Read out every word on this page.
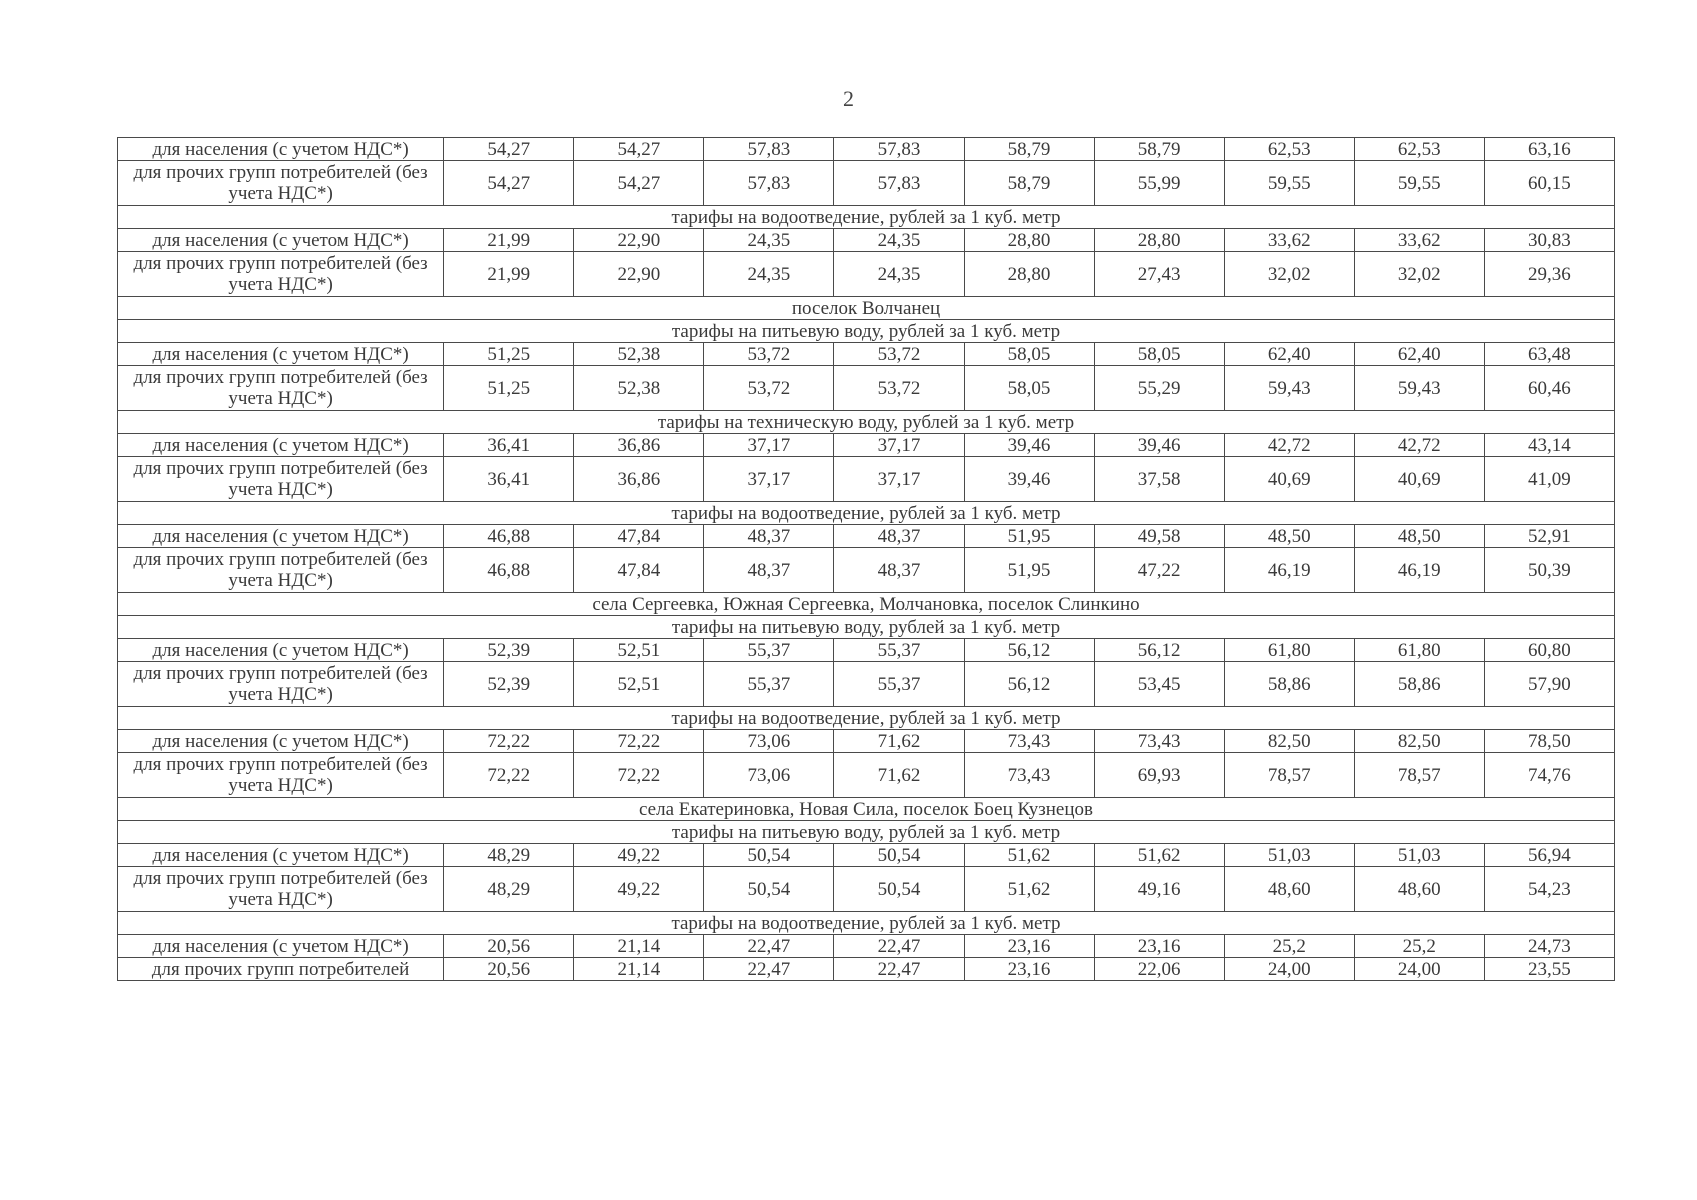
2
для населения (с учетом НДС*)	54,27	54,27	57,83	57,83	58,79	58,79	62,53	62,53	63,16
для прочих групп потребителей (без учета НДС*)	54,27	54,27	57,83	57,83	58,79	55,99	59,55	59,55	60,15
тарифы на водоотведение, рублей за 1 куб. метр									
для населения (с учетом НДС*)	21,99	22,90	24,35	24,35	28,80	28,80	33,62	33,62	30,83
для прочих групп потребителей (без учета НДС*)	21,99	22,90	24,35	24,35	28,80	27,43	32,02	32,02	29,36
поселок Волчанец									
тарифы на питьевую воду, рублей за 1 куб. метр									
для населения (с учетом НДС*)	51,25	52,38	53,72	53,72	58,05	58,05	62,40	62,40	63,48
для прочих групп потребителей (без учета НДС*)	51,25	52,38	53,72	53,72	58,05	55,29	59,43	59,43	60,46
тарифы на техническую воду, рублей за 1 куб. метр									
для населения (с учетом НДС*)	36,41	36,86	37,17	37,17	39,46	39,46	42,72	42,72	43,14
для прочих групп потребителей (без учета НДС*)	36,41	36,86	37,17	37,17	39,46	37,58	40,69	40,69	41,09
тарифы на водоотведение, рублей за 1 куб. метр									
для населения (с учетом НДС*)	46,88	47,84	48,37	48,37	51,95	49,58	48,50	48,50	52,91
для прочих групп потребителей (без учета НДС*)	46,88	47,84	48,37	48,37	51,95	47,22	46,19	46,19	50,39
села Сергеевка, Южная Сергеевка, Молчановка, поселок Слинкино									
тарифы на питьевую воду, рублей за 1 куб. метр									
для населения (с учетом НДС*)	52,39	52,51	55,37	55,37	56,12	56,12	61,80	61,80	60,80
для прочих групп потребителей (без учета НДС*)	52,39	52,51	55,37	55,37	56,12	53,45	58,86	58,86	57,90
тарифы на водоотведение, рублей за 1 куб. метр									
для населения (с учетом НДС*)	72,22	72,22	73,06	71,62	73,43	73,43	82,50	82,50	78,50
для прочих групп потребителей (без учета НДС*)	72,22	72,22	73,06	71,62	73,43	69,93	78,57	78,57	74,76
села Екатериновка, Новая Сила, поселок Боец Кузнецов									
тарифы на питьевую воду, рублей за 1 куб. метр									
для населения (с учетом НДС*)	48,29	49,22	50,54	50,54	51,62	51,62	51,03	51,03	56,94
для прочих групп потребителей (без учета НДС*)	48,29	49,22	50,54	50,54	51,62	49,16	48,60	48,60	54,23
тарифы на водоотведение, рублей за 1 куб. метр									
для населения (с учетом НДС*)	20,56	21,14	22,47	22,47	23,16	23,16	25,2	25,2	24,73
для прочих групп потребителей	20,56	21,14	22,47	22,47	23,16	22,06	24,00	24,00	23,55
